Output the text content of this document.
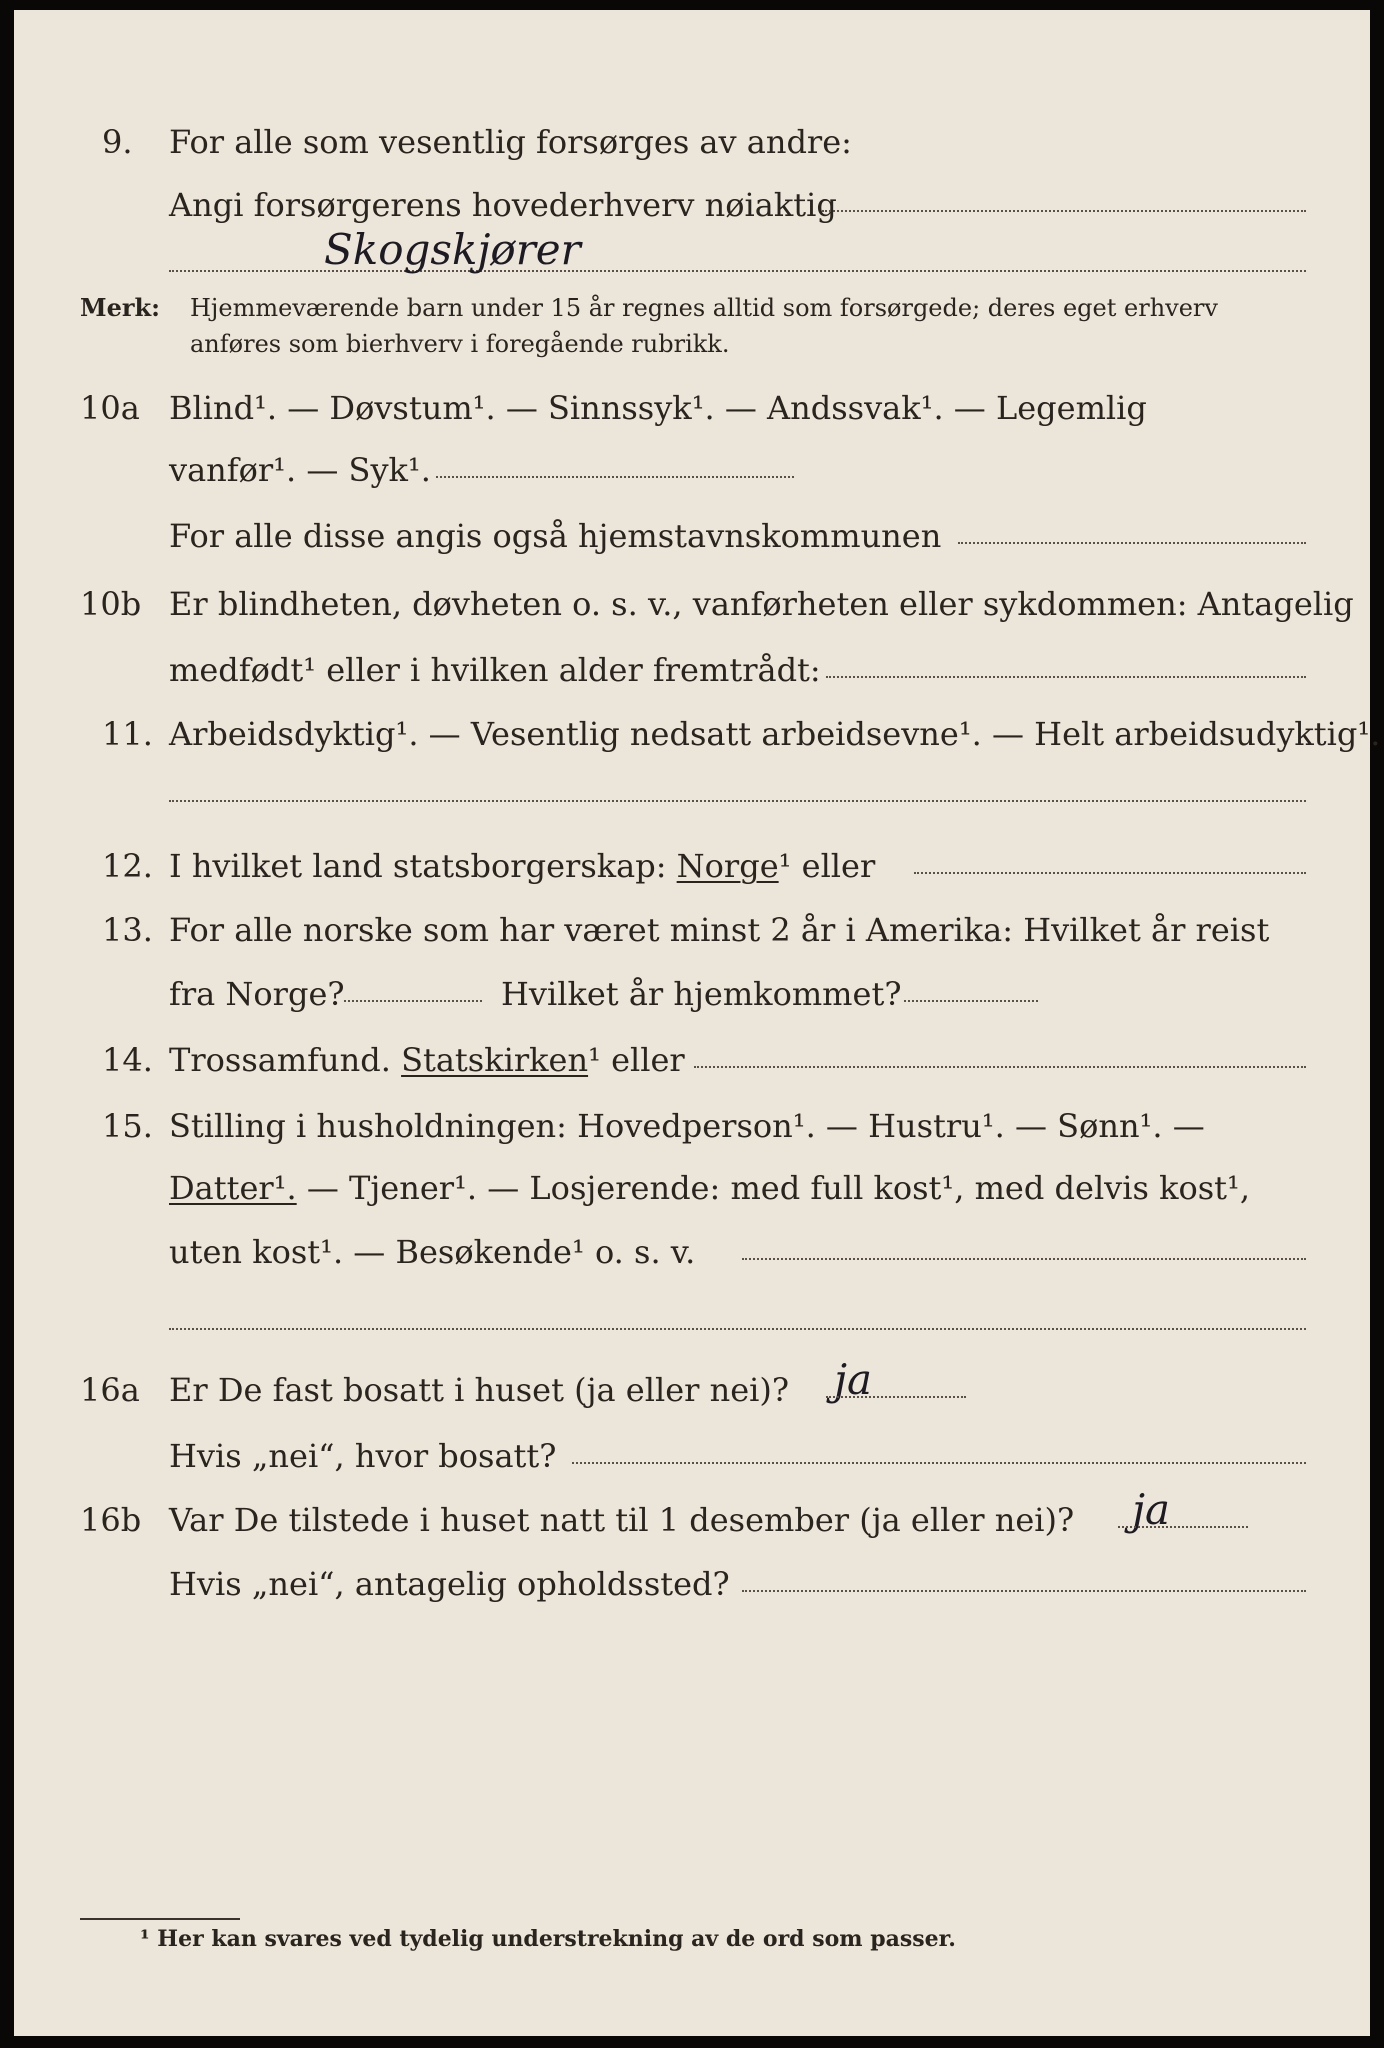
9. For alle som vesentlig forsørges av andre:
Angi forsørgerens hovederhverv nøiaktig
Skogskjører
Merk: Hjemmeværende barn under 15 år regnes alltid som forsørgede; deres eget erhverv
anføres som bierhverv i foregående rubrikk.
10a Blind¹. — Døvstum¹. — Sinnssyk¹. — Andssvak¹. — Legemlig
vanfør¹. — Syk¹.
For alle disse angis også hjemstavnskommunen
10b Er blindheten, døvheten o. s. v., vanførheten eller sykdommen: Antagelig
medfødt¹ eller i hvilken alder fremtrådt:
11. Arbeidsdyktig¹. — Vesentlig nedsatt arbeidsevne¹. — Helt arbeidsudyktig¹.
12. I hvilket land statsborgerskap: Norge¹ eller
13. For alle norske som har været minst 2 år i Amerika: Hvilket år reist
fra Norge?	Hvilket år hjemkommet?
14. Trossamfund. Statskirken¹ eller
15. Stilling i husholdningen: Hovedperson¹. — Hustru¹. — Sønn¹. —
Datter¹. — Tjener¹. — Losjerende: med full kost¹, med delvis kost¹,
uten kost¹. — Besøkende¹ o. s. v.
16a Er De fast bosatt i huset (ja eller nei)? ja
Hvis „nei“, hvor bosatt?
16b Var De tilstede i huset natt til 1 desember (ja eller nei)? ja
Hvis „nei“, antagelig opholdssted?
¹ Her kan svares ved tydelig understrekning av de ord som passer.
